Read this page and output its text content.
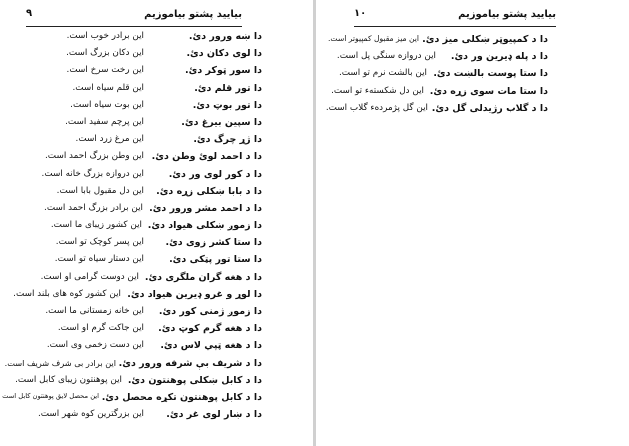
۹	بیایید پشتو بیاموزیم
دا ښه ورور دئ.
این برادر خوب است.
دا لوی دکان دئ.
این دکان بزرگ است.
دا سور ټوکر دئ.
این رخت سرخ است.
دا تور قلم دئ.
این قلم سیاه است.
دا تور بوټ دئ.
این بوت سیاه است.
دا سپین بیرغ دئ.
این پرچم سفید است.
دا ژړ چرگ دئ.
این مرغ زرد است.
دا د احمد لوئ وطن دئ.
این وطن بزرگ احمد است.
دا د کور لوی ور دئ.
این دروازه بزرگ خانه است.
دا د بابا ښکلی زړه دئ.
این دل مقبول بابا است.
دا د احمد مشر ورور دئ.
این برادر بزرگ احمد است.
دا زموږ ښکلی هیواد دئ.
این کشور زیبای ما است.
دا ستا کشر زوی دئ.
این پسر کوچک تو است.
دا ستا تور پټکی دئ.
این دستار سیاه تو است.
دا د هغه گران ملگری دئ.
این دوست گرامی او است.
دا لوړ و غرو ډیرین هیواد دئ.
این کشور کوه های بلند است.
دا زموږ ژمنی کور دئ.
این خانه زمستانی ما است.
دا د هغه گرم کوټ دئ.
این جاکت گرم او است.
دا د هغه ټپي لاس دئ.
این دست زخمی وی است.
دا د شریف بې شرفه ورور دئ.
این برادر بی شرف شریف است.
دا د کابل ښکلی پوهنتون دئ.
این پوهنتون زیبای کابل است.
دا د کابل پوهنتون تکړه محصل دئ.
این محصل لایق پوهنتون کابل است
دا د ښار لوی غر دئ.
این بزرگترین کوه شهر است.
۱۰	بیایید پشتو بیاموزیم
دا د کمپیوټر ښکلی میز دئ.
این میز مقبول کمپیوتر است.
دا د پله ډیرین ور دئ.
این دروازه سنگی پل است.
دا ستا پوست بالښت دئ.
این بالشت نرم تو است.
دا ستا مات سوی زړه دئ.
این دل شکسته‌ء تو است.
دا د گلاب رژیدلی گل دئ.
این گل پژمرده‌ء گلاب است.
